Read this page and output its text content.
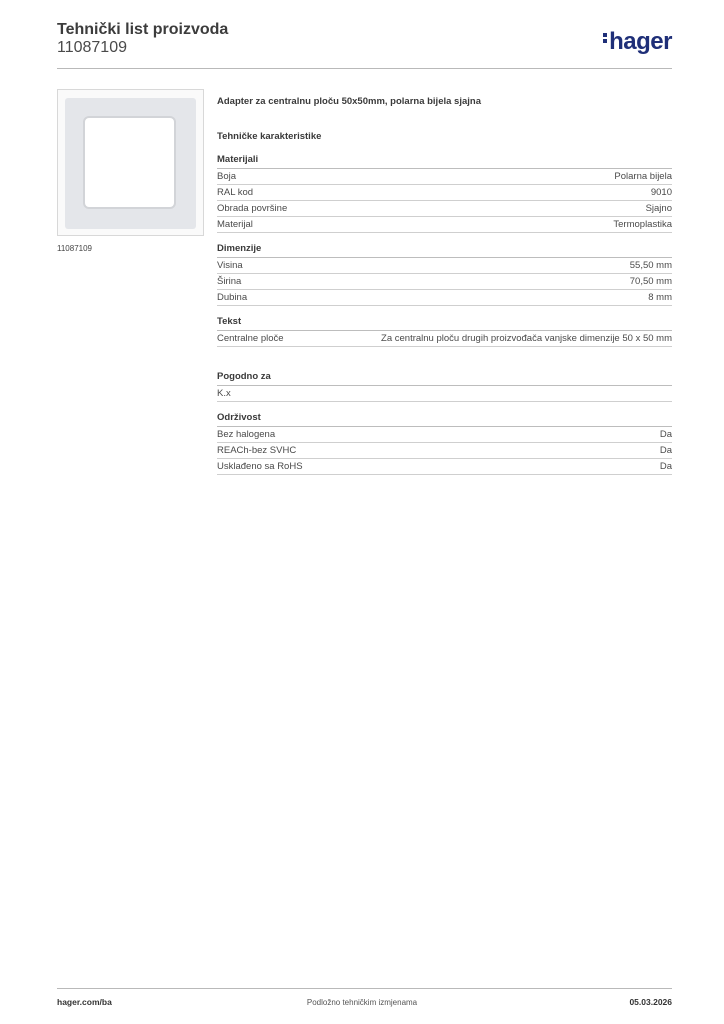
Tehnički list proizvoda
11087109	hager
11087109
Adapter za centralnu ploču 50x50mm, polarna bijela sjajna
Tehničke karakteristike
Materijali
Boja	Polarna bijela
RAL kod	9010
Obrada površine	Sjajno
Materijal	Termoplastika
Dimenzije
Visina	55,50 mm
Širina	70,50 mm
Dubina	8 mm
Tekst
Centralne ploče	Za centralnu ploču drugih proizvođača vanjske dimenzije 50 x 50 mm
Pogodno za
K.x
Održivost
Bez halogena	Da
REACh-bez SVHC	Da
Usklađeno sa RoHS	Da
hager.com/ba	Podložno tehničkim izmjenama	05.03.2026
